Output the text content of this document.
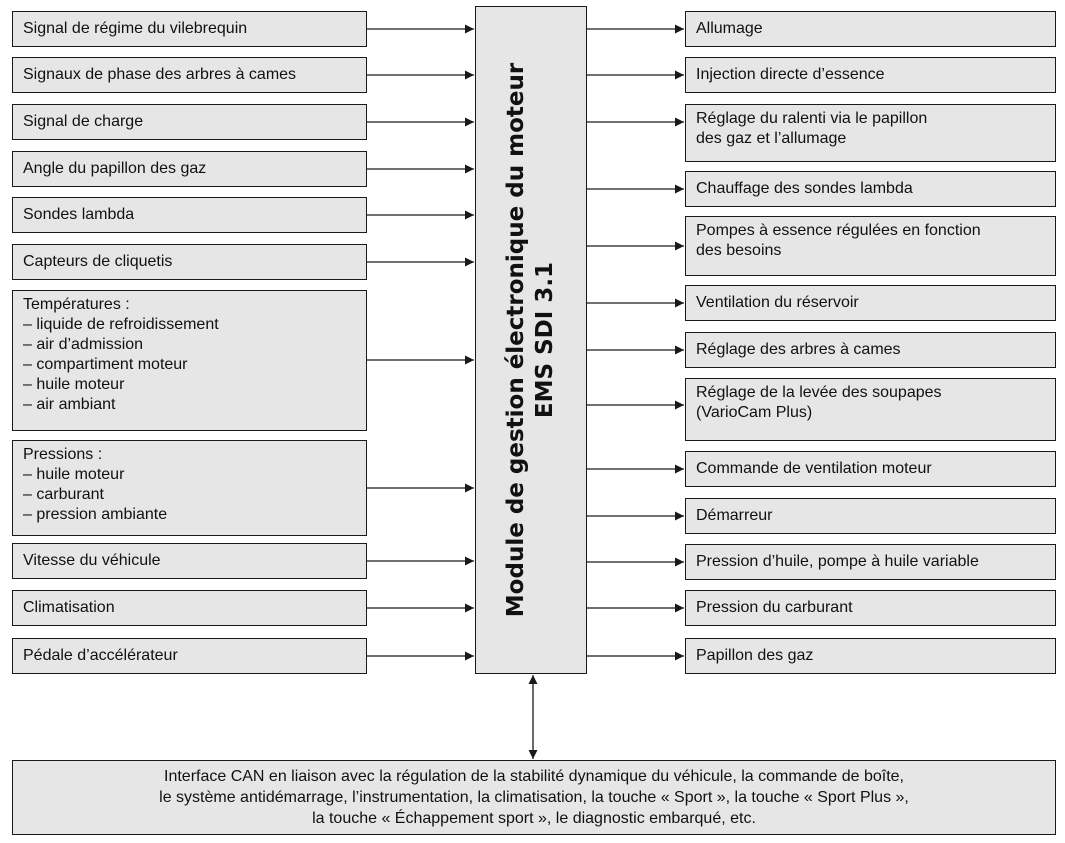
Module de gestion électronique du moteur EMS SDI 3.1
Signal de régime du vilebrequin
Signaux de phase des arbres à cames
Signal de charge
Angle du papillon des gaz
Sondes lambda
Capteurs de cliquetis
Températures :
– liquide de refroidissement
– air d’admission
– compartiment moteur
– huile moteur
– air ambiant
Pressions :
– huile moteur
– carburant
– pression ambiante
Vitesse du véhicule
Climatisation
Pédale d’accélérateur
Allumage
Injection directe d’essence
Réglage du ralenti via le papillon
des gaz et l’allumage
Chauffage des sondes lambda
Pompes à essence régulées en fonction
des besoins
Ventilation du réservoir
Réglage des arbres à cames
Réglage de la levée des soupapes
(VarioCam Plus)
Commande de ventilation moteur
Démarreur
Pression d’huile, pompe à huile variable
Pression du carburant
Papillon des gaz
Interface CAN en liaison avec la régulation de la stabilité dynamique du véhicule, la commande de boîte,
le système antidémarrage, l’instrumentation, la climatisation, la touche « Sport », la touche « Sport Plus »,
la touche « Échappement sport », le diagnostic embarqué, etc.
